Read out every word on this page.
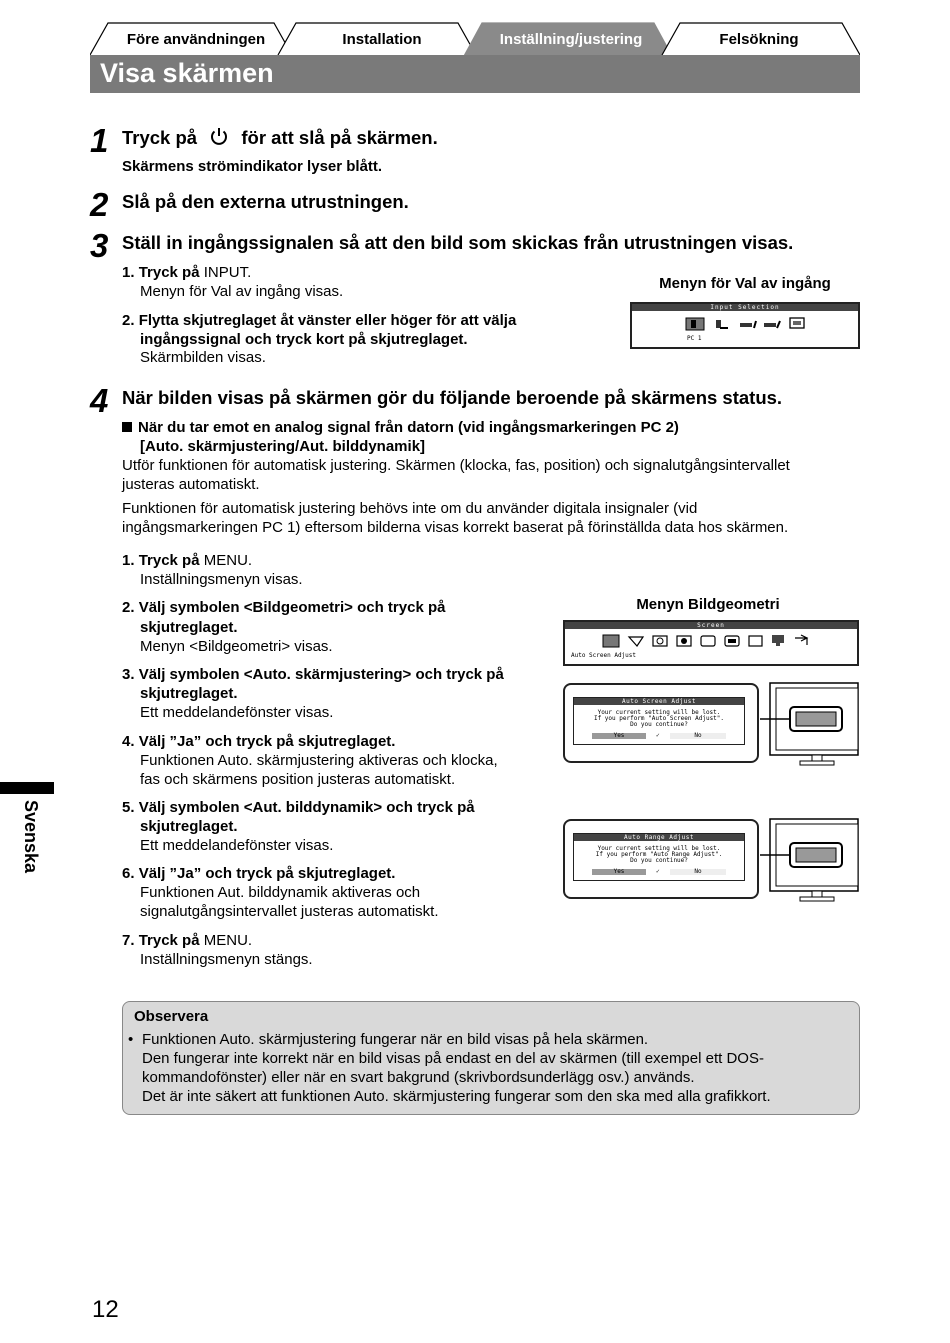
Före användningen	Installation	Inställning/justering	Felsökning
Visa skärmen
1 Tryck på för att slå på skärmen.
Skärmens strömindikator lyser blått.
2 Slå på den externa utrustningen.
3 Ställ in ingångssignalen så att den bild som skickas från utrustningen visas.
1. Tryck på INPUT.
Menyn för Val av ingång visas.
2. Flytta skjutreglaget åt vänster eller höger för att välja
ingångssignal och tryck kort på skjutreglaget.
Skärmbilden visas.
Menyn för Val av ingång
Input Selection
PC 1
4 När bilden visas på skärmen gör du följande beroende på skärmens status.
När du tar emot en analog signal från datorn (vid ingångsmarkeringen PC 2)
[Auto. skärmjustering/Aut. bilddynamik]
Utför funktionen för automatisk justering. Skärmen (klocka, fas, position) och signalutgångsintervallet
justeras automatiskt.
Funktionen för automatisk justering behövs inte om du använder digitala insignaler (vid
ingångsmarkeringen PC 1) eftersom bilderna visas korrekt baserat på förinställda data hos skärmen.
1. Tryck på MENU.
Inställningsmenyn visas.
2. Välj symbolen <Bildgeometri> och tryck på
skjutreglaget.
Menyn <Bildgeometri> visas.
3. Välj symbolen <Auto. skärmjustering> och tryck på
skjutreglaget.
Ett meddelandefönster visas.
4. Välj ”Ja” och tryck på skjutreglaget.
Funktionen Auto. skärmjustering aktiveras och klocka,
fas och skärmens position justeras automatiskt.
5. Välj symbolen <Aut. bilddynamik> och tryck på
skjutreglaget.
Ett meddelandefönster visas.
6. Välj ”Ja” och tryck på skjutreglaget.
Funktionen Aut. bilddynamik aktiveras och
signalutgångsintervallet justeras automatiskt.
7. Tryck på MENU.
Inställningsmenyn stängs.
Menyn Bildgeometri
Screen
Auto Screen Adjust
Auto Screen Adjust
Your current setting will be lost.
If you perform "Auto Screen Adjust".
Do you continue?
Yes	✓	No
Auto Range Adjust
Your current setting will be lost.
If you perform "Auto Range Adjust".
Do you continue?
Yes	✓	No
Svenska
Observera
• Funktionen Auto. skärmjustering fungerar när en bild visas på hela skärmen.
Den fungerar inte korrekt när en bild visas på endast en del av skärmen (till exempel ett DOS-
kommandofönster) eller när en svart bakgrund (skrivbordsunderlägg osv.) används.
Det är inte säkert att funktionen Auto. skärmjustering fungerar som den ska med alla grafikkort.
12
